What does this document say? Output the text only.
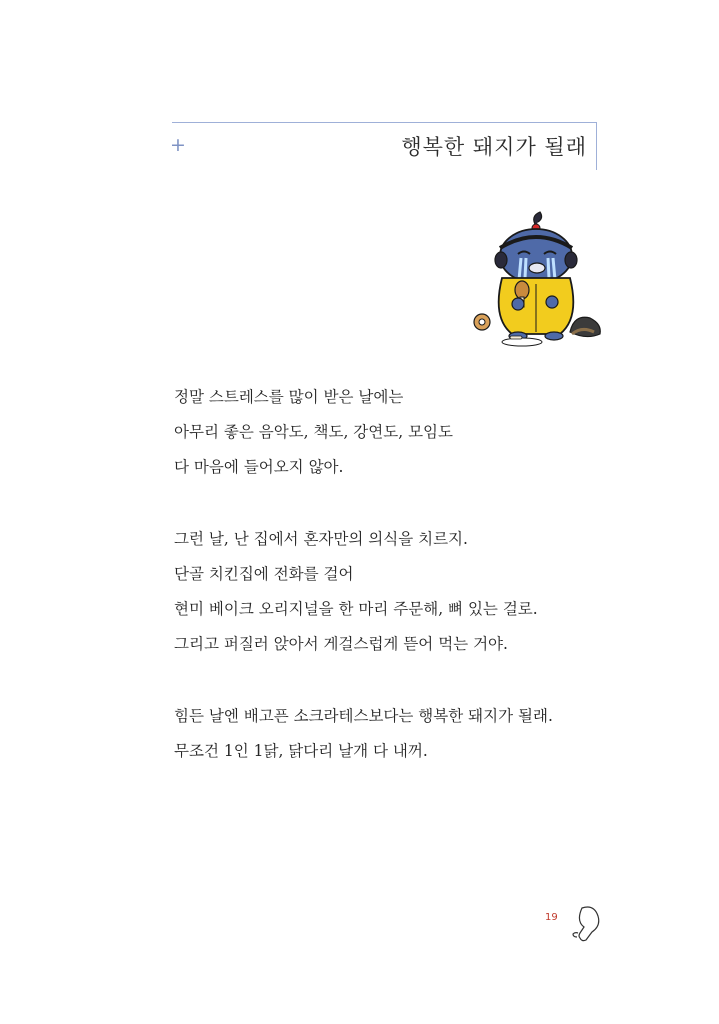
+	행복한 돼지가 될래
정말 스트레스를 많이 받은 날에는
아무리 좋은 음악도, 책도, 강연도, 모임도
다 마음에 들어오지 않아.
그런 날, 난 집에서 혼자만의 의식을 치르지.
단골 치킨집에 전화를 걸어
현미 베이크 오리지널을 한 마리 주문해, 뼈 있는 걸로.
그리고 퍼질러 앉아서 게걸스럽게 뜯어 먹는 거야.
힘든 날엔 배고픈 소크라테스보다는 행복한 돼지가 될래.
무조건 1인 1닭, 닭다리 날개 다 내꺼.
19
